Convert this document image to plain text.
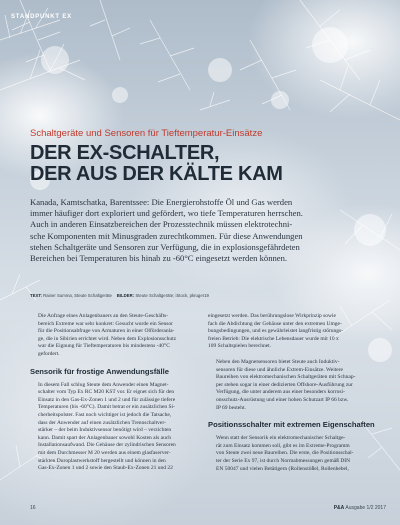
STANDPUNKT EX
Schaltgeräte und Sensoren für Tieftemperatur-Einsätze
DER EX-SCHALTER,
DER AUS DER KÄLTE KAM

Kanada, Kamtschatka, Barentssee: Die Energierohstoffe Öl und Gas werden
immer häufiger dort exploriert und gefördert, wo tiefe Temperaturen herrschen.
Auch in anderen Einsatzbereichen der Prozesstechnik müssen elektrotechni-
sche Komponenten mit Minusgraden zurechtkommen. Für diese Anwendungen
stehen Schaltgeräte und Sensoren zur Verfügung, die in explosionsgefährdeten
Bereichen bei Temperaturen bis hinab zu -60°C eingesetzt werden können.

TEXT: Rainer Summa, Steute Schaltgeräte BILDER: Steute Schaltgeräte; iStock, pkruger19

Die Anfrage eines Anlagenbauers an den Steute-Geschäfts-
bereich Extreme war sehr konkret: Gesucht wurde ein Sensor
für die Positionsabfrage von Armaturen in einer Ölförderanla-
ge, die in Sibirien errichtet wird. Neben dem Explosionsschutz
war die Eignung für Tieftemperaturen bis mindestens -40°C
gefordert.

Sensorik für frostige Anwendungsfälle

In diesem Fall schlug Steute dem Anwender einen Magnet-
schalter vom Typ Ex RC M20 KST vor. Er eignet sich für den
Einsatz in den Gas-Ex-Zonen 1 und 2 und für zulässige tiefere
Temperaturen (bis -60°C). Damit betrat er ein zusätzlichen Si-
cherheitspolster. Fast noch wichtiger ist jedoch die Tatsache,
dass der Anwender auf einen zusätzlichen Trennschaltver-
stärker – der beim Induktivsensor benötigt wird – verzichten
kann. Damit spart der Anlagenbauer sowohl Kosten als auch
Installationsaufwand. Die Gehäuse der zylindrischen Sensoren
mit dem Durchmesser M 20 werden aus einem glasfaserver-
stärkten Duroplastwerkstoff hergestellt und können in den
Gas-Ex-Zonen 1 und 2 sowie den Staub-Ex-Zonen 21 und 22

eingesetzt werden. Das berührungslose Wirkprinzip sowie
fach die Abdichtung der Gehäuse unter den extremen Umge-
bungsbedingungen, und es gewährleistet langfristig störungs-
freien Betrieb: Die elektrische Lebensdauer wurde mit 10 x
109 Schaltspielen berechnet.

Neben den Magnetsensoren bietet Steute auch Induktiv-
sensoren für diese und ähnliche Extrem-Einsätze. Weitere
Baureihen von elektromechanischen Schaltgeräten mit Schnap-
per stehen sogar in einer dedizierten Offshore-Ausführung zur
Verfügung, die unter anderem aus einer besonders korrosi-
onsschutz-Ausrüstung und einer hohen Schutzart IP 66 bzw.
IP 69 besteht.

Positionsschalter mit extremen Eigenschaften

Wenn statt der Sensorik ein elektromechanischer Schaltge-
rät zum Einsatz kommen soll, gibt es im Extreme-Programm
von Steute zwei neue Baureihen. Die erste, die Positionsschal-
ter der Serie Ex 97, ist durch Normabmessungen gemäß DIN
EN 50047 und vielen Betätigern (Rollenstößel, Rollenhebel,

16	P&A Ausgabe 1/2 2017
